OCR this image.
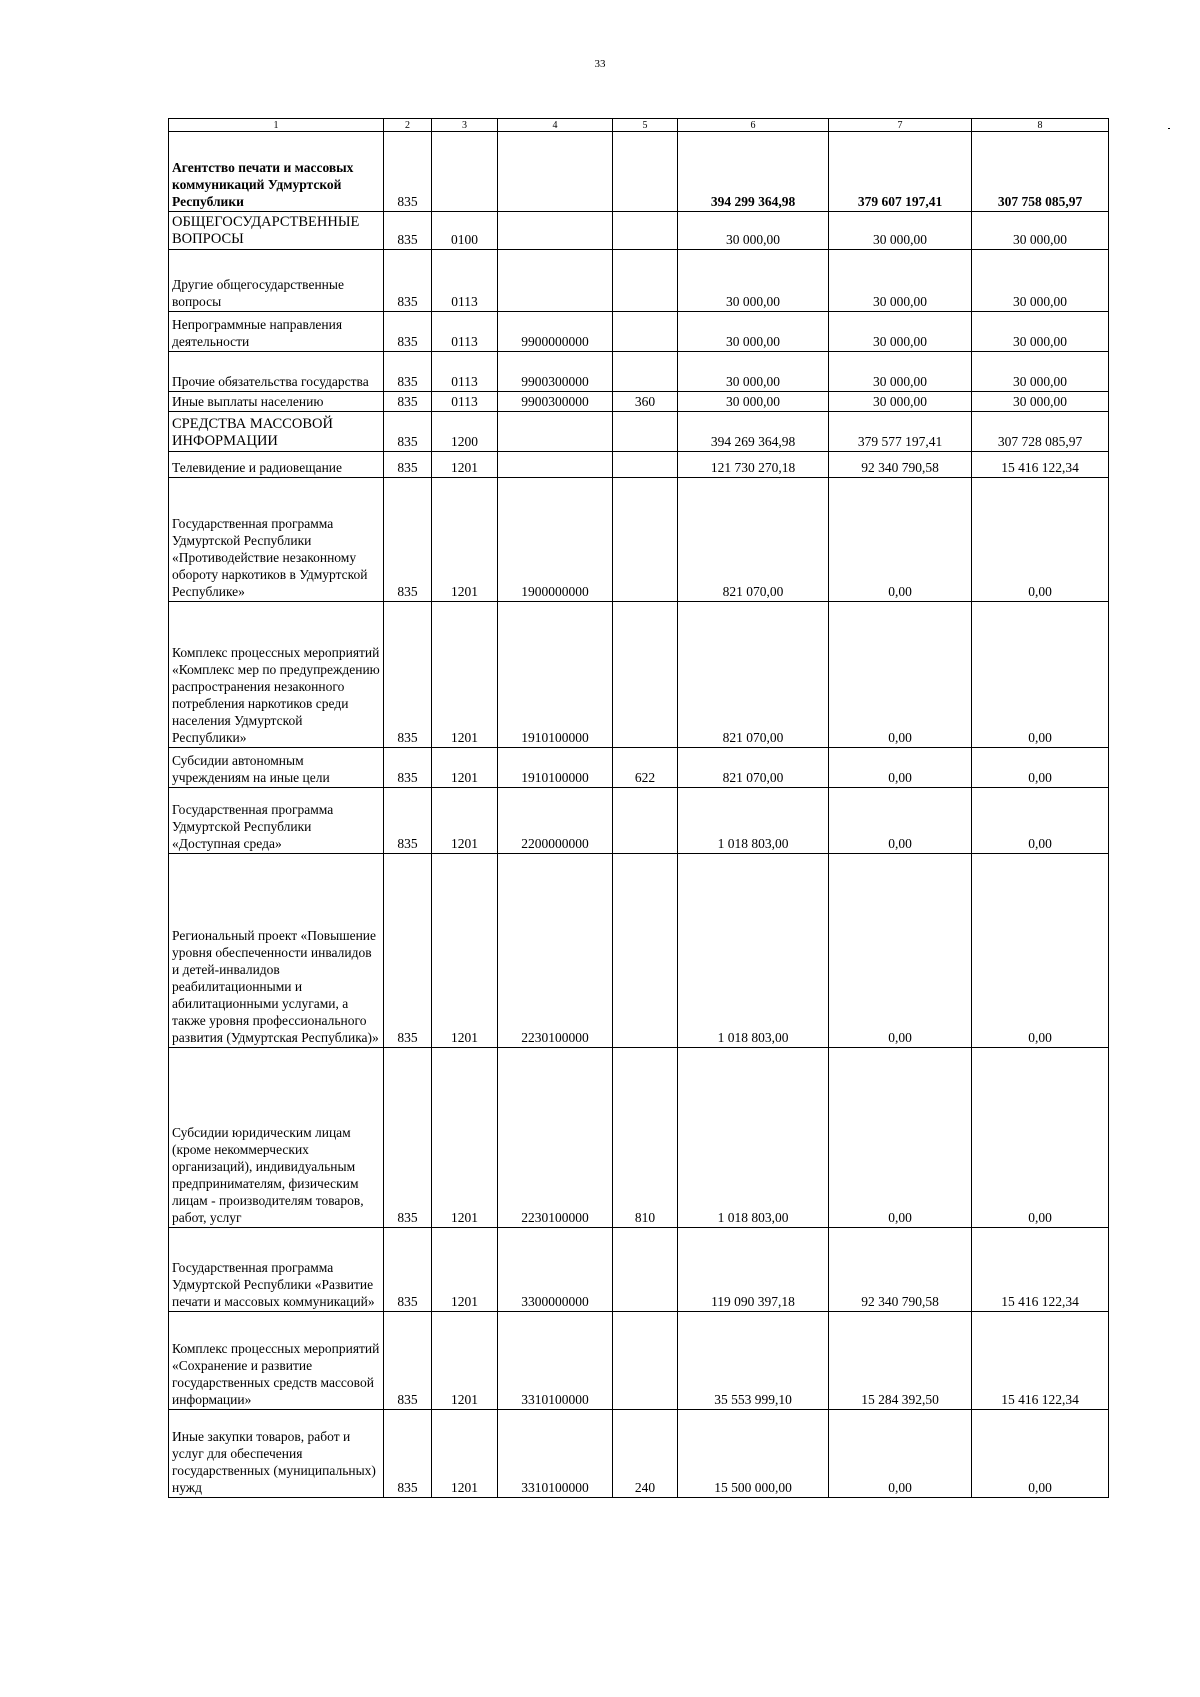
33
1	2	3	4	5	6	7	8
Агентство печати и массовых коммуникаций Удмуртской Республики	835				394 299 364,98	379 607 197,41	307 758 085,97
ОБЩЕГОСУДАРСТВЕННЫЕ ВОПРОСЫ	835	0100			30 000,00	30 000,00	30 000,00
Другие общегосударственные вопросы	835	0113			30 000,00	30 000,00	30 000,00
Непрограммные направления деятельности	835	0113	9900000000		30 000,00	30 000,00	30 000,00
Прочие обязательства государства	835	0113	9900300000		30 000,00	30 000,00	30 000,00
Иные выплаты населению	835	0113	9900300000	360	30 000,00	30 000,00	30 000,00
СРЕДСТВА МАССОВОЙ ИНФОРМАЦИИ	835	1200			394 269 364,98	379 577 197,41	307 728 085,97
Телевидение и радиовещание	835	1201			121 730 270,18	92 340 790,58	15 416 122,34
Государственная программа Удмуртской Республики «Противодействие незаконному обороту наркотиков в Удмуртской Республике»	835	1201	1900000000		821 070,00	0,00	0,00
Комплекс процессных мероприятий «Комплекс мер по предупреждению распространения незаконного потребления наркотиков среди населения Удмуртской Республики»	835	1201	1910100000		821 070,00	0,00	0,00
Субсидии автономным учреждениям на иные цели	835	1201	1910100000	622	821 070,00	0,00	0,00
Государственная программа Удмуртской Республики «Доступная среда»	835	1201	2200000000		1 018 803,00	0,00	0,00
Региональный проект «Повышение уровня обеспеченности инвалидов и детей-инвалидов реабилитационными и абилитационными услугами, а также уровня профессионального развития (Удмуртская Республика)»	835	1201	2230100000		1 018 803,00	0,00	0,00
Субсидии юридическим лицам (кроме некоммерческих организаций), индивидуальным предпринимателям, физическим лицам - производителям товаров, работ, услуг	835	1201	2230100000	810	1 018 803,00	0,00	0,00
Государственная программа Удмуртской Республики «Развитие печати и массовых коммуникаций»	835	1201	3300000000		119 090 397,18	92 340 790,58	15 416 122,34
Комплекс процессных мероприятий «Сохранение и развитие государственных средств массовой информации»	835	1201	3310100000		35 553 999,10	15 284 392,50	15 416 122,34
Иные закупки товаров, работ и услуг для обеспечения государственных (муниципальных) нужд	835	1201	3310100000	240	15 500 000,00	0,00	0,00
